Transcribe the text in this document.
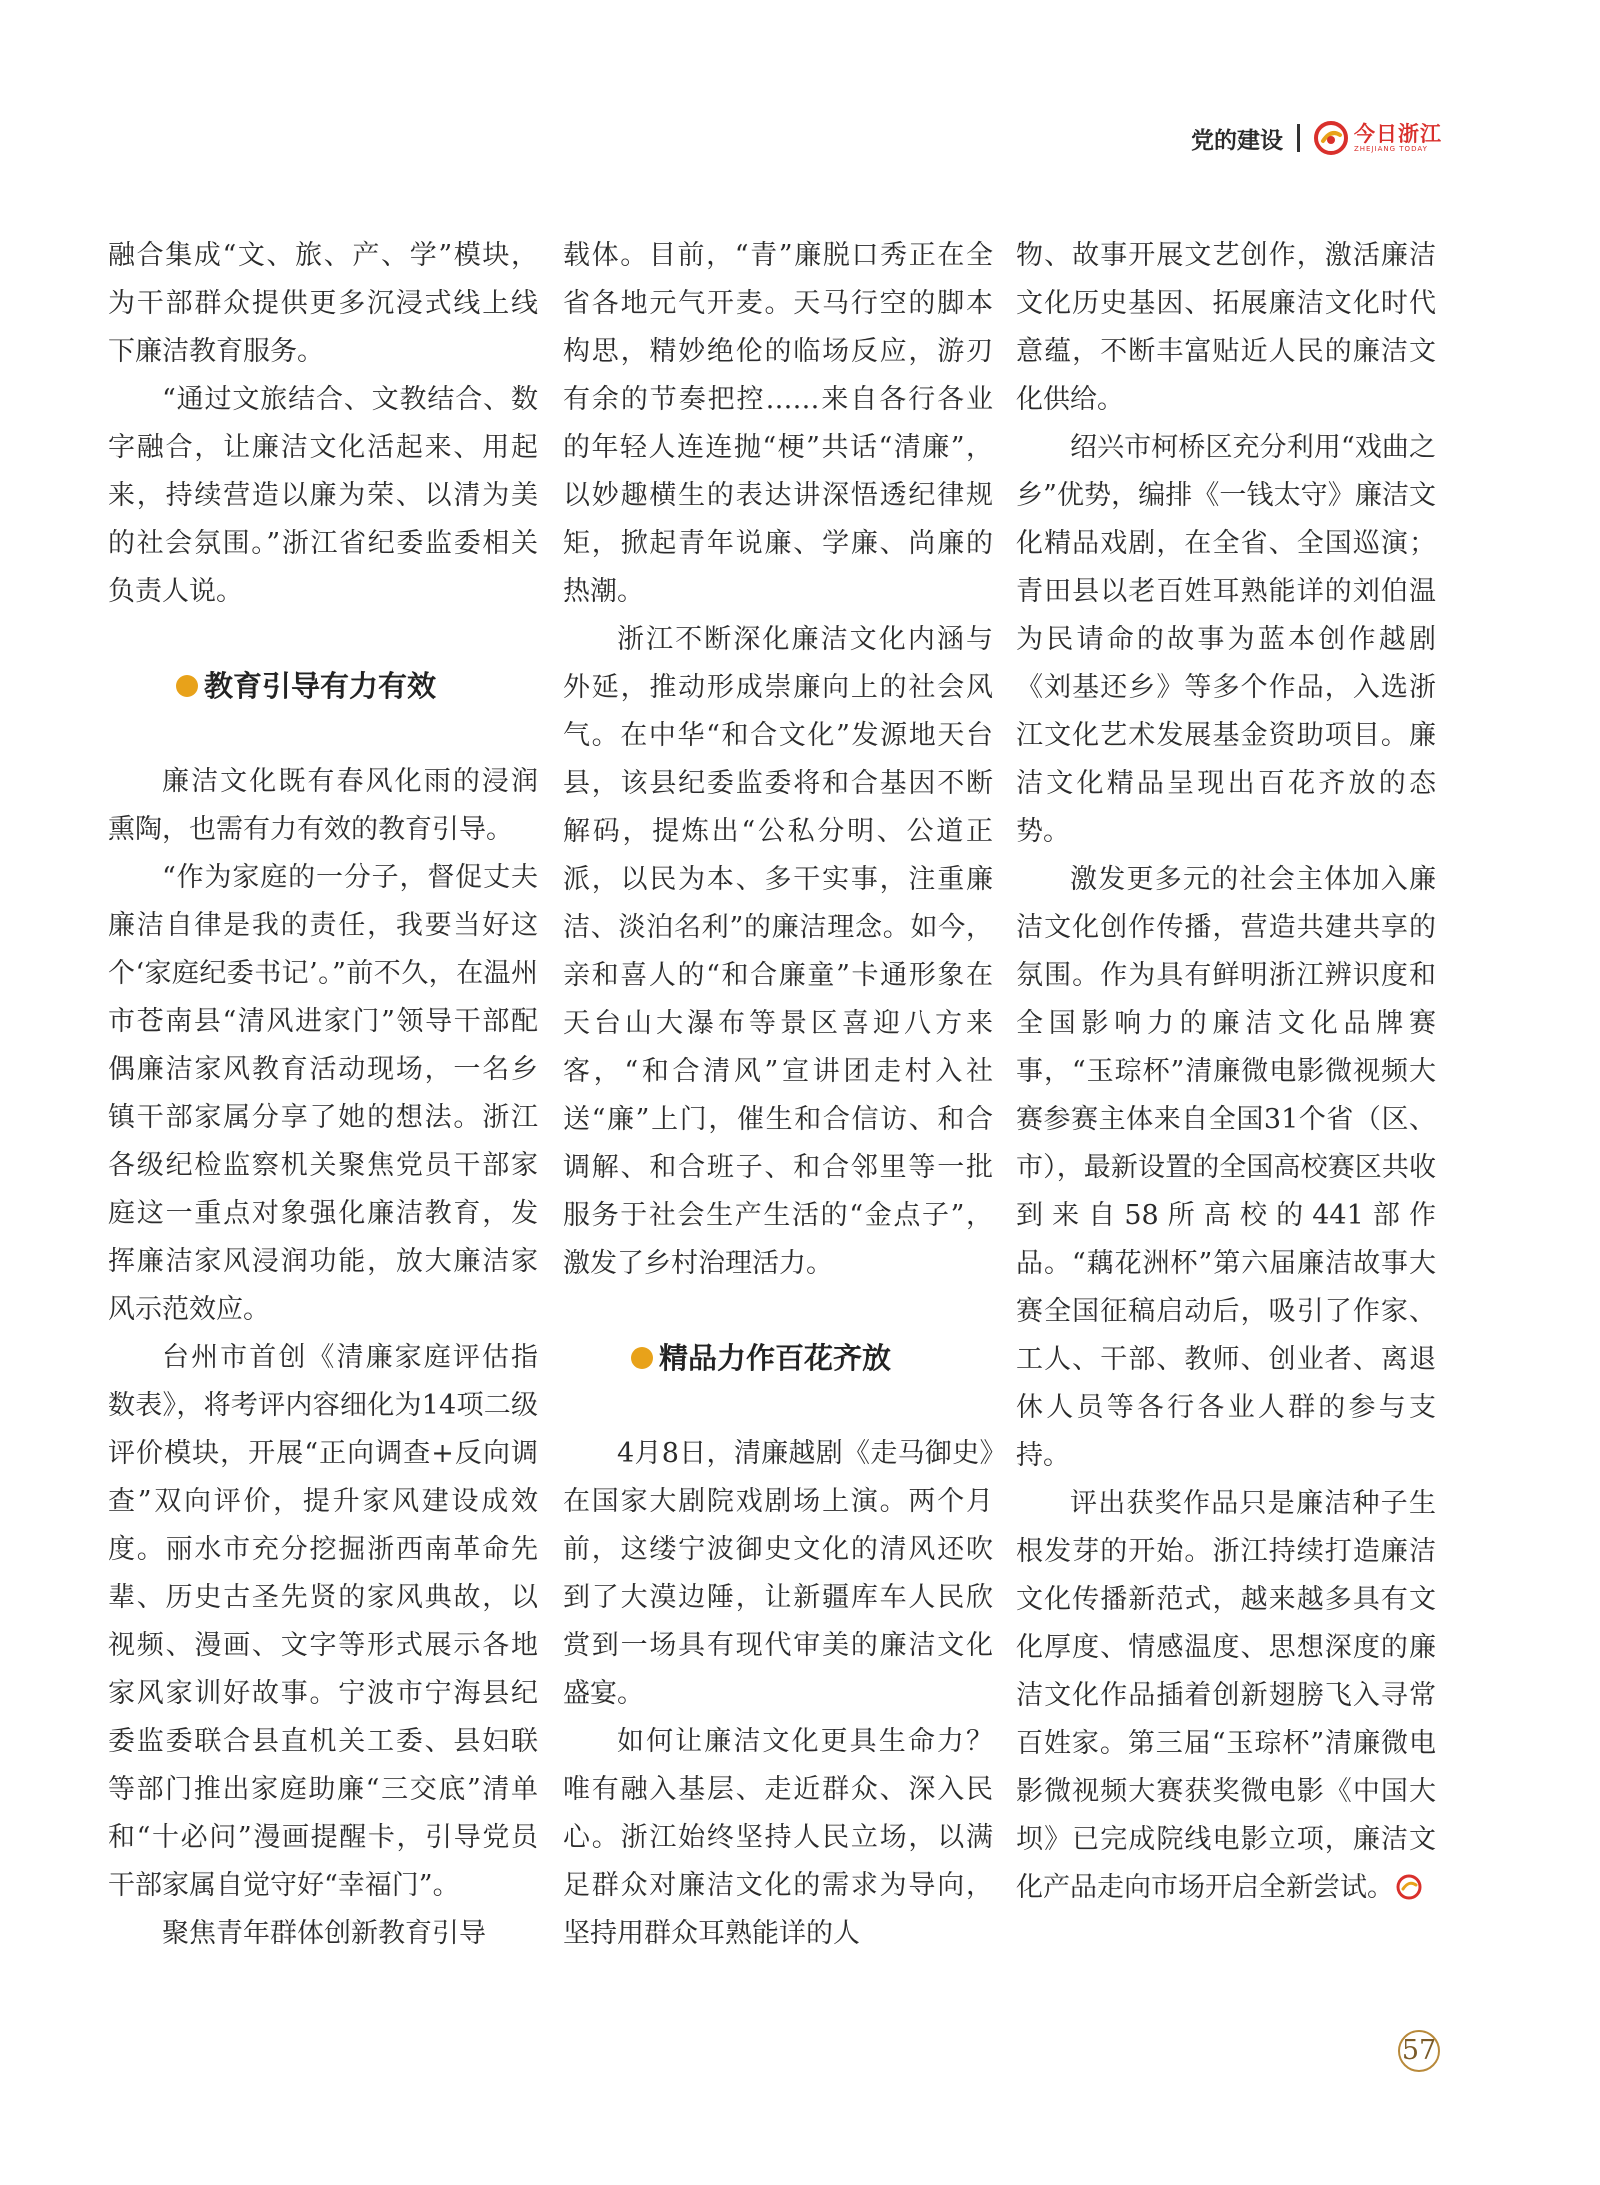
党的建设	今日浙江
ZHEJIANG TODAY

融合集成“文、旅、产、学”模块，为干部群众提供更多沉浸式线上线下廉洁教育服务。

“通过文旅结合、文教结合、数字融合，让廉洁文化活起来、用起来，持续营造以廉为荣、以清为美的社会氛围。”浙江省纪委监委相关负责人说。

教育引导有力有效

廉洁文化既有春风化雨的浸润熏陶，也需有力有效的教育引导。

“作为家庭的一分子，督促丈夫廉洁自律是我的责任，我要当好这个‘家庭纪委书记’。”前不久，在温州市苍南县“清风进家门”领导干部配偶廉洁家风教育活动现场，一名乡镇干部家属分享了她的想法。浙江各级纪检监察机关聚焦党员干部家庭这一重点对象强化廉洁教育，发挥廉洁家风浸润功能，放大廉洁家风示范效应。

台州市首创《清廉家庭评估指数表》，将考评内容细化为14项二级评价模块，开展“正向调查+反向调查”双向评价，提升家风建设成效度。丽水市充分挖掘浙西南革命先辈、历史古圣先贤的家风典故，以视频、漫画、文字等形式展示各地家风家训好故事。宁波市宁海县纪委监委联合县直机关工委、县妇联等部门推出家庭助廉“三交底”清单和“十必问”漫画提醒卡，引导党员干部家属自觉守好“幸福门”。

聚焦青年群体创新教育引导

载体。目前，“青”廉脱口秀正在全省各地元气开麦。天马行空的脚本构思，精妙绝伦的临场反应，游刃有余的节奏把控……来自各行各业的年轻人连连抛“梗”共话“清廉”，以妙趣横生的表达讲深悟透纪律规矩，掀起青年说廉、学廉、尚廉的热潮。

浙江不断深化廉洁文化内涵与外延，推动形成崇廉向上的社会风气。在中华“和合文化”发源地天台县，该县纪委监委将和合基因不断解码，提炼出“公私分明、公道正派，以民为本、多干实事，注重廉洁、淡泊名利”的廉洁理念。如今，亲和喜人的“和合廉童”卡通形象在天台山大瀑布等景区喜迎八方来客，“和合清风”宣讲团走村入社送“廉”上门，催生和合信访、和合调解、和合班子、和合邻里等一批服务于社会生产生活的“金点子”，激发了乡村治理活力。

精品力作百花齐放

4月8日，清廉越剧《走马御史》在国家大剧院戏剧场上演。两个月前，这缕宁波御史文化的清风还吹到了大漠边陲，让新疆库车人民欣赏到一场具有现代审美的廉洁文化盛宴。

如何让廉洁文化更具生命力？唯有融入基层、走近群众、深入民心。浙江始终坚持人民立场，以满足群众对廉洁文化的需求为导向，坚持用群众耳熟能详的人

物、故事开展文艺创作，激活廉洁文化历史基因、拓展廉洁文化时代意蕴，不断丰富贴近人民的廉洁文化供给。

绍兴市柯桥区充分利用“戏曲之乡”优势，编排《一钱太守》廉洁文化精品戏剧，在全省、全国巡演；青田县以老百姓耳熟能详的刘伯温为民请命的故事为蓝本创作越剧《刘基还乡》等多个作品，入选浙江文化艺术发展基金资助项目。廉洁文化精品呈现出百花齐放的态势。

激发更多元的社会主体加入廉洁文化创作传播，营造共建共享的氛围。作为具有鲜明浙江辨识度和全国影响力的廉洁文化品牌赛事，“玉琮杯”清廉微电影微视频大赛参赛主体来自全国31个省（区、市），最新设置的全国高校赛区共收到来自58所高校的441部作品。“藕花洲杯”第六届廉洁故事大赛全国征稿启动后，吸引了作家、工人、干部、教师、创业者、离退休人员等各行各业人群的参与支持。

评出获奖作品只是廉洁种子生根发芽的开始。浙江持续打造廉洁文化传播新范式，越来越多具有文化厚度、情感温度、思想深度的廉洁文化作品插着创新翅膀飞入寻常百姓家。第三届“玉琮杯”清廉微电影微视频大赛获奖微电影《中国大坝》已完成院线电影立项，廉洁文化产品走向市场开启全新尝试。

57
